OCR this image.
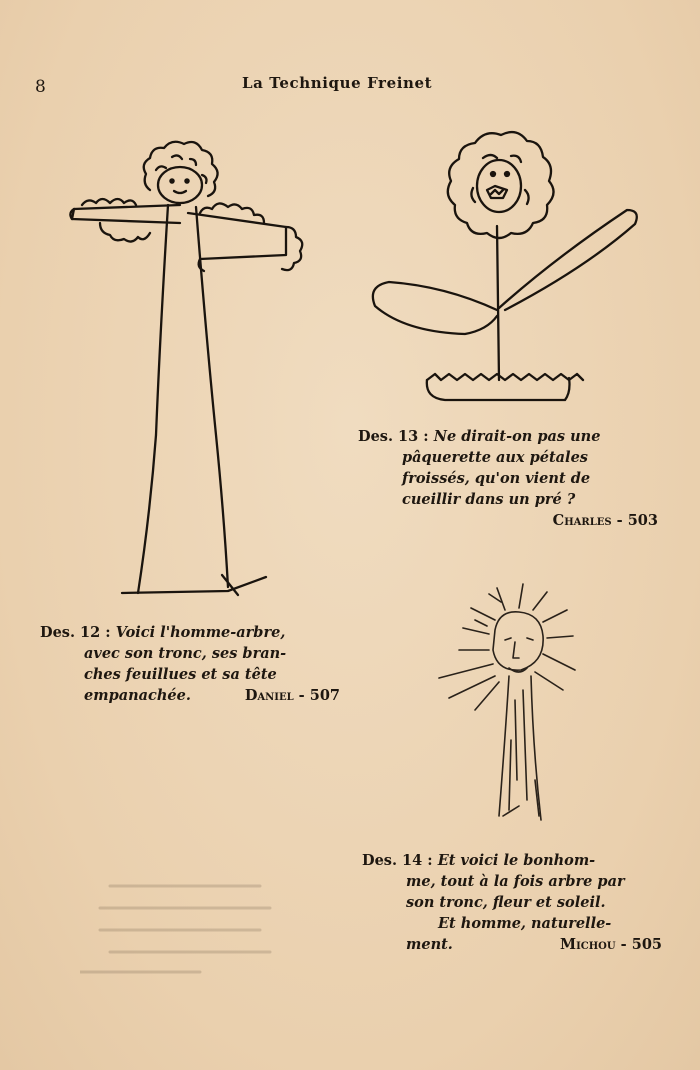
8	La Technique Freinet
Des. 12 : Voici l'homme-arbre,
avec son tronc, ses bran-
ches feuillues et sa tête
empanachée.	Daniel - 507
Des. 13 : Ne dirait-on pas une
pâquerette aux pétales
froissés, qu'on vient de
cueillir dans un pré ?
Charles - 503
Des. 14 : Et voici le bonhom-
me, tout à la fois arbre par
son tronc, fleur et soleil.
Et homme, naturelle-
ment.	Michou - 505
